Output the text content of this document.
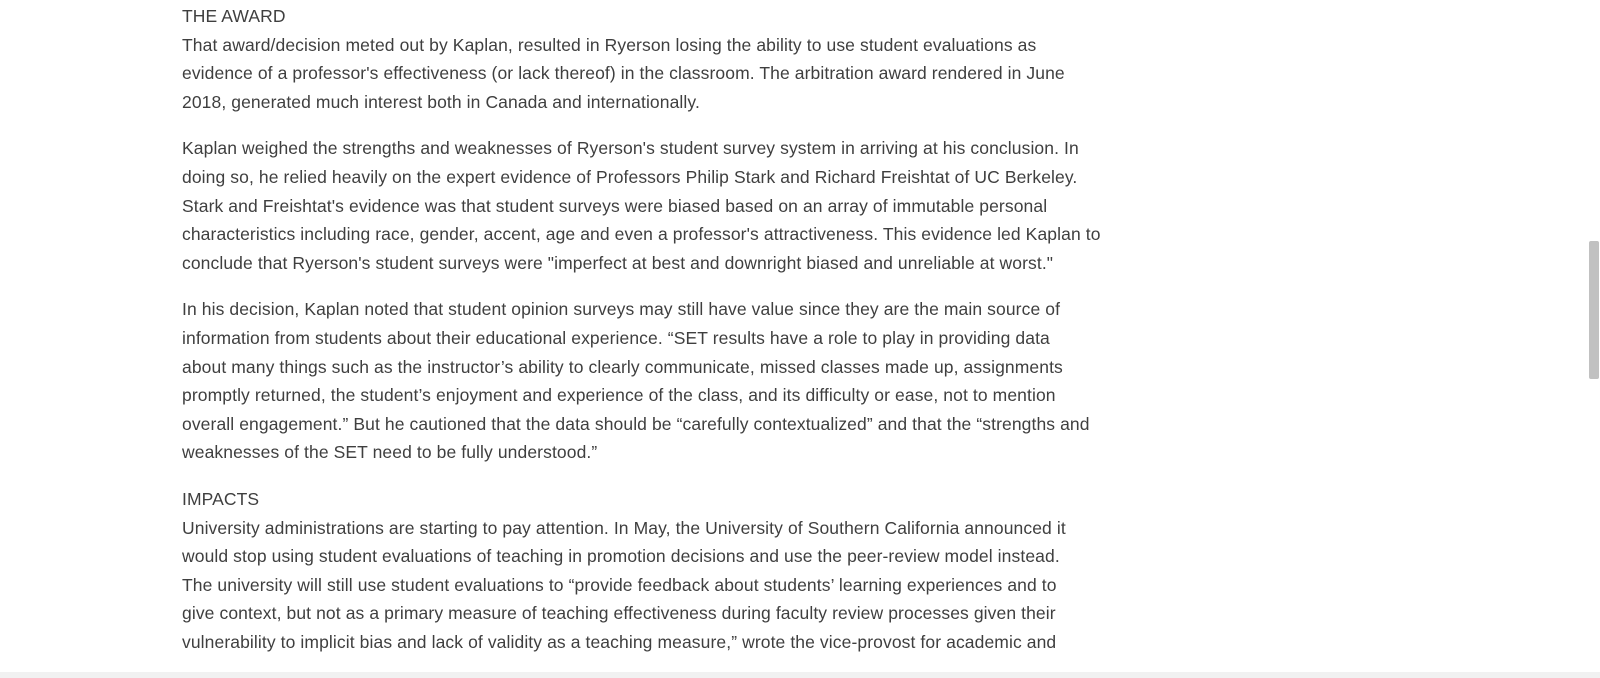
THE AWARD

That award/decision meted out by Kaplan, resulted in Ryerson losing the ability to use student evaluations as
evidence of a professor's effectiveness (or lack thereof) in the classroom. The arbitration award rendered in June
2018, generated much interest both in Canada and internationally.

Kaplan weighed the strengths and weaknesses of Ryerson's student survey system in arriving at his conclusion. In
doing so, he relied heavily on the expert evidence of Professors Philip Stark and Richard Freishtat of UC Berkeley.
Stark and Freishtat's evidence was that student surveys were biased based on an array of immutable personal
characteristics including race, gender, accent, age and even a professor's attractiveness. This evidence led Kaplan to
conclude that Ryerson's student surveys were "imperfect at best and downright biased and unreliable at worst."

In his decision, Kaplan noted that student opinion surveys may still have value since they are the main source of
information from students about their educational experience. “SET results have a role to play in providing data
about many things such as the instructor’s ability to clearly communicate, missed classes made up, assignments
promptly returned, the student’s enjoyment and experience of the class, and its difficulty or ease, not to mention
overall engagement.” But he cautioned that the data should be “carefully contextualized” and that the “strengths and
weaknesses of the SET need to be fully understood.”

IMPACTS

University administrations are starting to pay attention. In May, the University of Southern California announced it
would stop using student evaluations of teaching in promotion decisions and use the peer-review model instead.
The university will still use student evaluations to “provide feedback about students’ learning experiences and to
give context, but not as a primary measure of teaching effectiveness during faculty review processes given their
vulnerability to implicit bias and lack of validity as a teaching measure,” wrote the vice-provost for academic and
